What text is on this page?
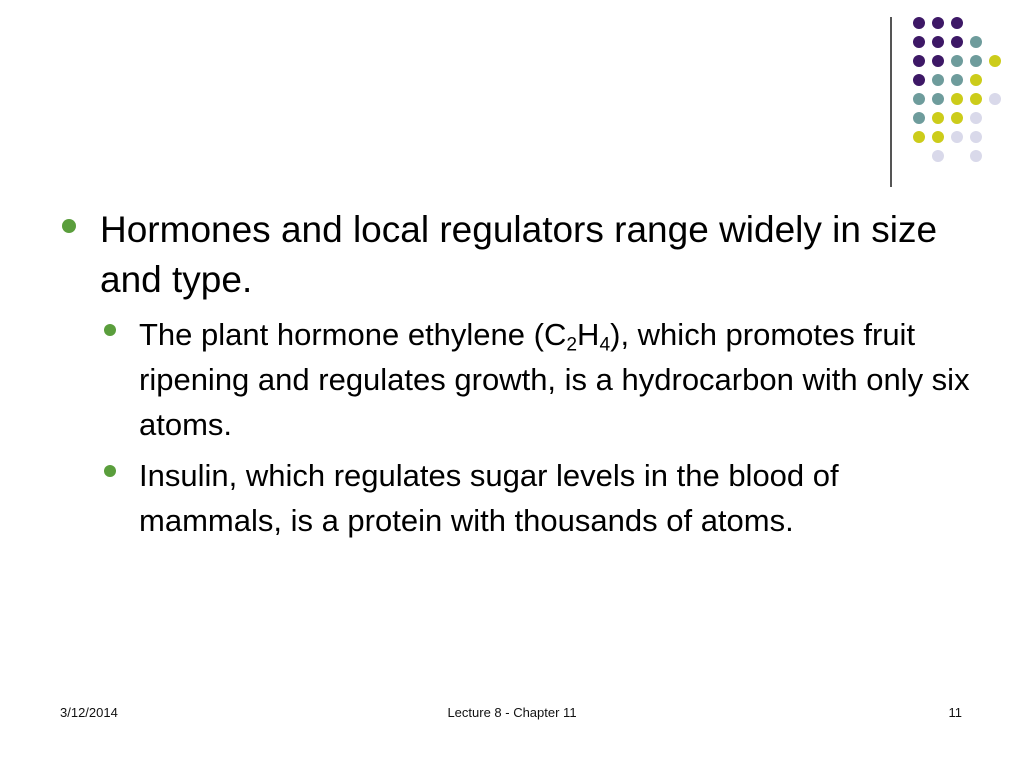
Hormones and local regulators range widely in size and type.
The plant hormone ethylene $(C_2H_4)$, which promotes fruit ripening and regulates growth, is a hydrocarbon with only six atoms.
Insulin, which regulates sugar levels in the blood of mammals, is a protein with thousands of atoms.
3/12/2014	Lecture 8 - Chapter 11	11
